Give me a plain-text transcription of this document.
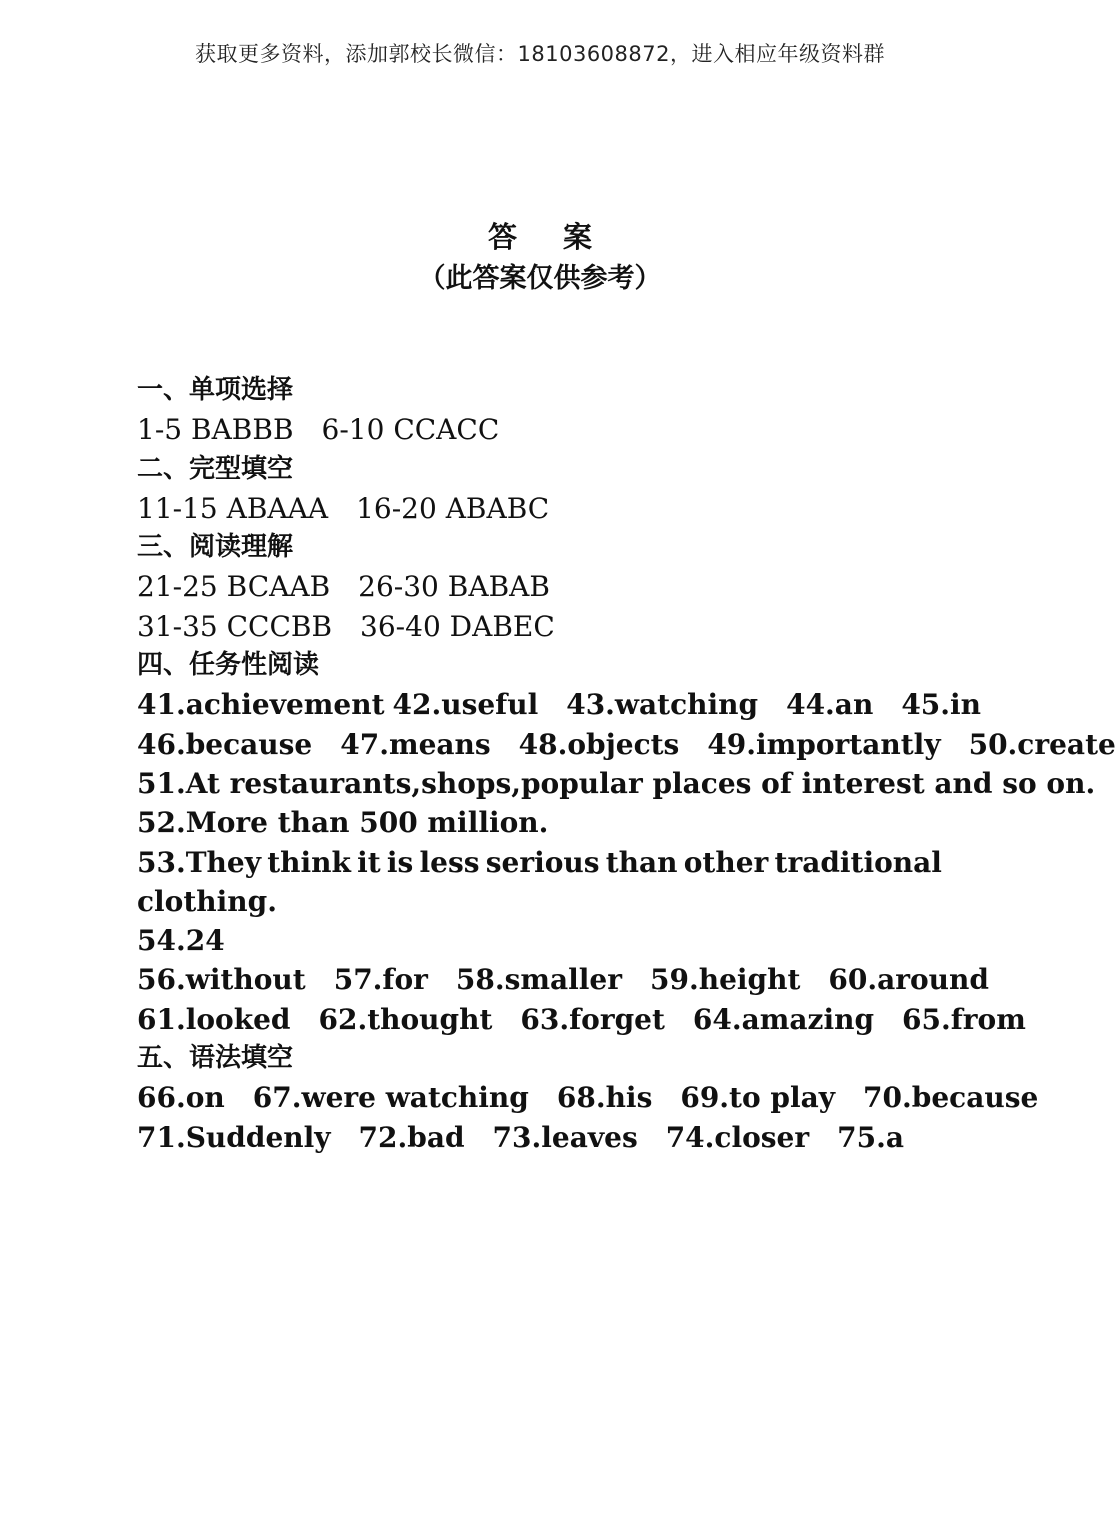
获取更多资料，添加郭校长微信：18103608872，进入相应年级资料群
答 案
（此答案仅供参考）
一、单项选择
1-5 BABBB 6-10 CCACC
二、完型填空
11-15 ABAAA 16-20 ABABC
三、阅读理解
21-25 BCAAB 26-30 BABAB
31-35 CCCBB 36-40 DABEC
四、任务性阅读
41.achievement 42.useful 43.watching 44.an 45.in
46.because 47.means 48.objects 49.importantly 50.create
51.At restaurants,shops,popular places of interest and so on.
52.More than 500 million.
53.They think it is less serious than other traditional
clothing.
54.24
56.without 57.for 58.smaller 59.height 60.around
61.looked 62.thought 63.forget 64.amazing 65.from
五、语法填空
66.on 67.were watching 68.his 69.to play 70.because
71.Suddenly 72.bad 73.leaves 74.closer 75.a
